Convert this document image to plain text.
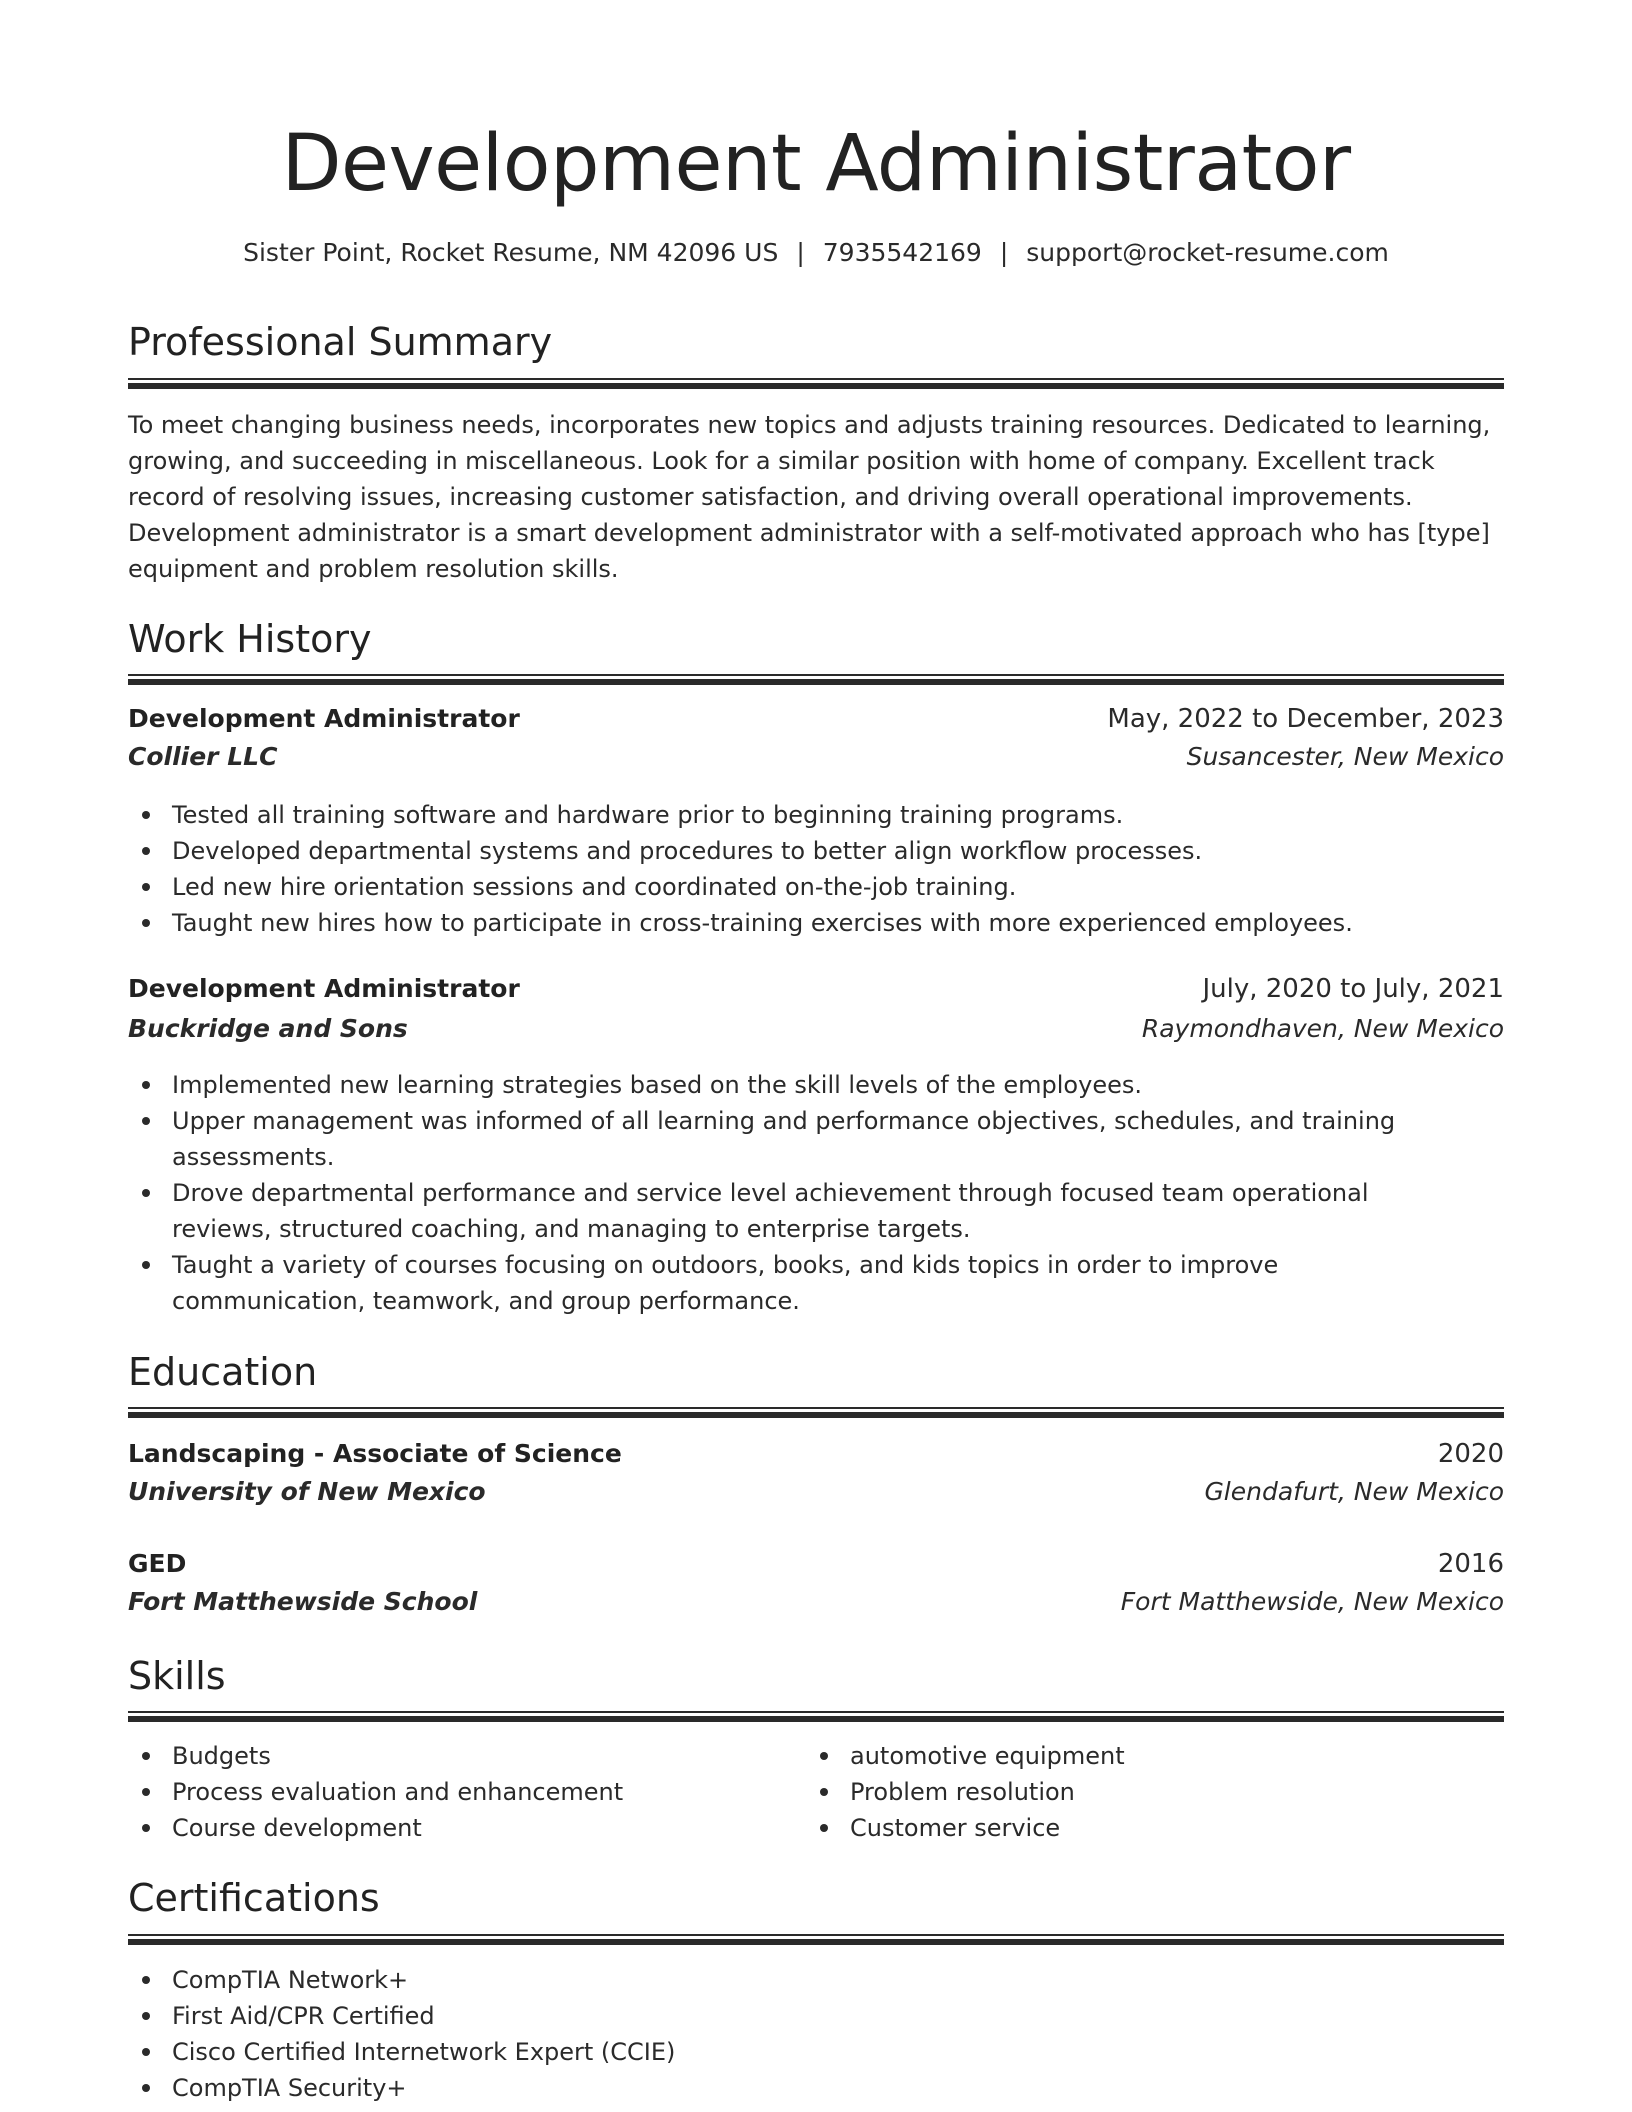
Development Administrator
Sister Point, Rocket Resume, NM 42096 US | 7935542169 | support@rocket-resume.com
Professional Summary
To meet changing business needs, incorporates new topics and adjusts training resources. Dedicated to learning, growing, and succeeding in miscellaneous. Look for a similar position with home of company. Excellent track record of resolving issues, increasing customer satisfaction, and driving overall operational improvements. Development administrator is a smart development administrator with a self-motivated approach who has [type] equipment and problem resolution skills.
Work History
Development Administrator	May, 2022 to December, 2023
Collier LLC	Susancester, New Mexico
Tested all training software and hardware prior to beginning training programs.
Developed departmental systems and procedures to better align workflow processes.
Led new hire orientation sessions and coordinated on-the-job training.
Taught new hires how to participate in cross-training exercises with more experienced employees.
Development Administrator	July, 2020 to July, 2021
Buckridge and Sons	Raymondhaven, New Mexico
Implemented new learning strategies based on the skill levels of the employees.
Upper management was informed of all learning and performance objectives, schedules, and training assessments.
Drove departmental performance and service level achievement through focused team operational reviews, structured coaching, and managing to enterprise targets.
Taught a variety of courses focusing on outdoors, books, and kids topics in order to improve communication, teamwork, and group performance.
Education
Landscaping - Associate of Science	2020
University of New Mexico	Glendafurt, New Mexico
GED	2016
Fort Matthewside School	Fort Matthewside, New Mexico
Skills
Budgets
Process evaluation and enhancement
Course development
automotive equipment
Problem resolution
Customer service
Certifications
CompTIA Network+
First Aid/CPR Certified
Cisco Certified Internetwork Expert (CCIE)
CompTIA Security+
